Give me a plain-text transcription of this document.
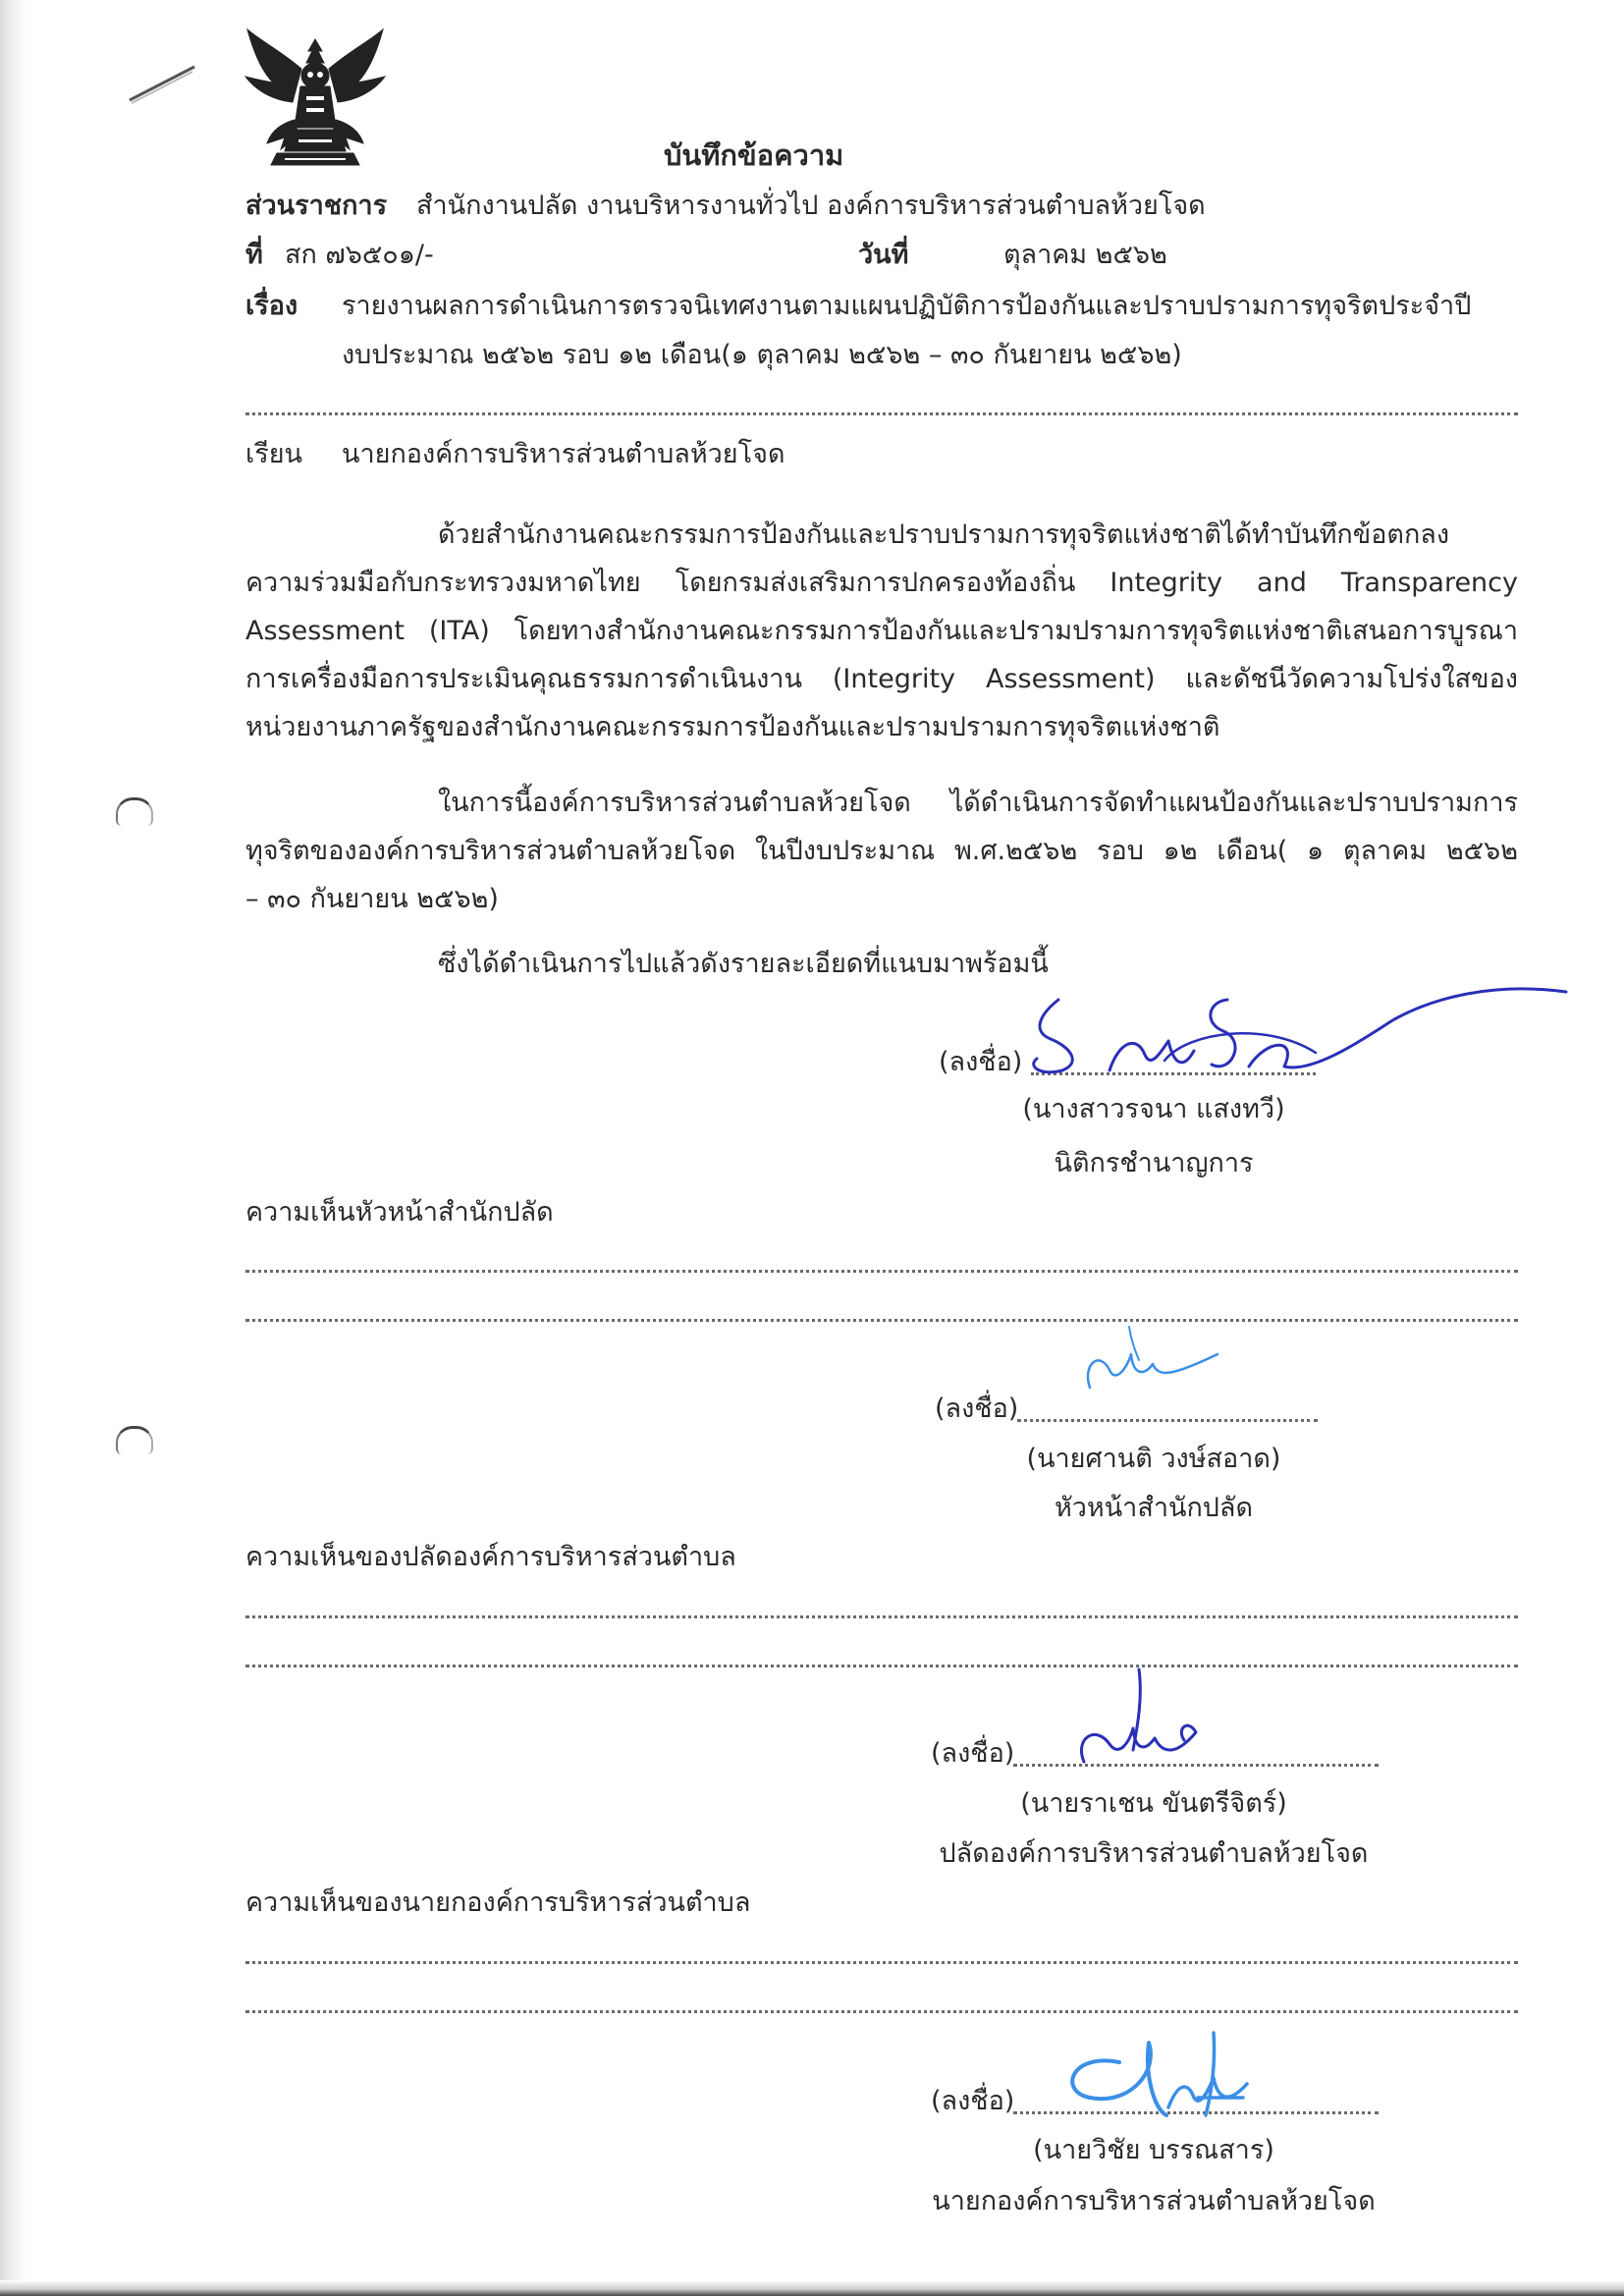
บันทึกข้อความ
ส่วนราชการ สำนักงานปลัด งานบริหารงานทั่วไป องค์การบริหารส่วนตำบลห้วยโจด
ที่ สก ๗๖๕๐๑/-	วันที่	ตุลาคม ๒๕๖๒
เรื่อง รายงานผลการดำเนินการตรวจนิเทศงานตามแผนปฏิบัติการป้องกันและปราบปรามการทุจริตประจำปี
งบประมาณ ๒๕๖๒ รอบ ๑๒ เดือน(๑ ตุลาคม ๒๕๖๒ – ๓๐ กันยายน ๒๕๖๒)
เรียน นายกองค์การบริหารส่วนตำบลห้วยโจด
ด้วยสำนักงานคณะกรรมการป้องกันและปราบปรามการทุจริตแห่งชาติได้ทำบันทึกข้อตกลง
ความร่วมมือกับกระทรวงมหาดไทย โดยกรมส่งเสริมการปกครองท้องถิ่น Integrity and Transparency
Assessment (ITA) โดยทางสำนักงานคณะกรรมการป้องกันและปรามปรามการทุจริตแห่งชาติเสนอการบูรณา
การเครื่องมือการประเมินคุณธรรมการดำเนินงาน (Integrity Assessment) และดัชนีวัดความโปร่งใสของ
หน่วยงานภาครัฐของสำนักงานคณะกรรมการป้องกันและปรามปรามการทุจริตแห่งชาติ
ในการนี้องค์การบริหารส่วนตำบลห้วยโจด ได้ดำเนินการจัดทำแผนป้องกันและปราบปรามการ
ทุจริตขององค์การบริหารส่วนตำบลห้วยโจด ในปีงบประมาณ พ.ศ.๒๕๖๒ รอบ ๑๒ เดือน( ๑ ตุลาคม ๒๕๖๒
– ๓๐ กันยายน ๒๕๖๒)
ซึ่งได้ดำเนินการไปแล้วดังรายละเอียดที่แนบมาพร้อมนี้
(ลงชื่อ)
(นางสาวรจนา แสงทวี)
นิติกรชำนาญการ
ความเห็นหัวหน้าสำนักปลัด
(ลงชื่อ)
(นายศานติ วงษ์สอาด)
หัวหน้าสำนักปลัด
ความเห็นของปลัดองค์การบริหารส่วนตำบล
(ลงชื่อ)
(นายราเชน ขันตรีจิตร์)
ปลัดองค์การบริหารส่วนตำบลห้วยโจด
ความเห็นของนายกองค์การบริหารส่วนตำบล
(ลงชื่อ)
(นายวิชัย บรรณสาร)
นายกองค์การบริหารส่วนตำบลห้วยโจด
